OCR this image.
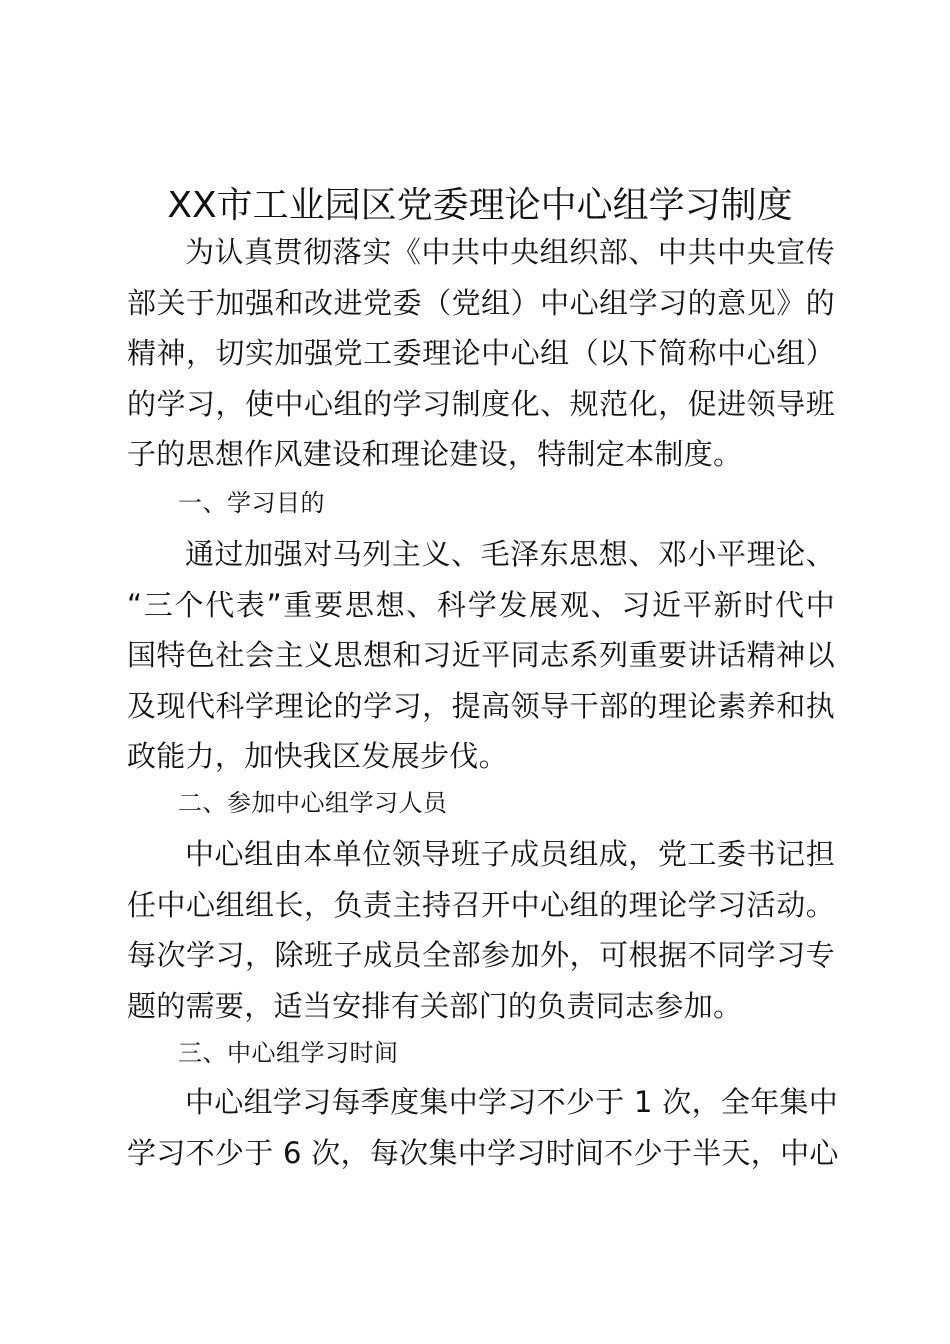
XX市工业园区党委理论中心组学习制度

为认真贯彻落实《中共中央组织部、中共中央宣传
部关于加强和改进党委（党组）中心组学习的意见》的
精神，切实加强党工委理论中心组（以下简称中心组）
的学习，使中心组的学习制度化、规范化，促进领导班
子的思想作风建设和理论建设，特制定本制度。

一、学习目的

通过加强对马列主义、毛泽东思想、邓小平理论、
“三个代表”重要思想、科学发展观、习近平新时代中
国特色社会主义思想和习近平同志系列重要讲话精神以
及现代科学理论的学习，提高领导干部的理论素养和执
政能力，加快我区发展步伐。

二、参加中心组学习人员

中心组由本单位领导班子成员组成，党工委书记担
任中心组组长，负责主持召开中心组的理论学习活动。
每次学习，除班子成员全部参加外，可根据不同学习专
题的需要，适当安排有关部门的负责同志参加。

三、中心组学习时间

中心组学习每季度集中学习不少于 1 次，全年集中
学习不少于 6 次，每次集中学习时间不少于半天，中心
